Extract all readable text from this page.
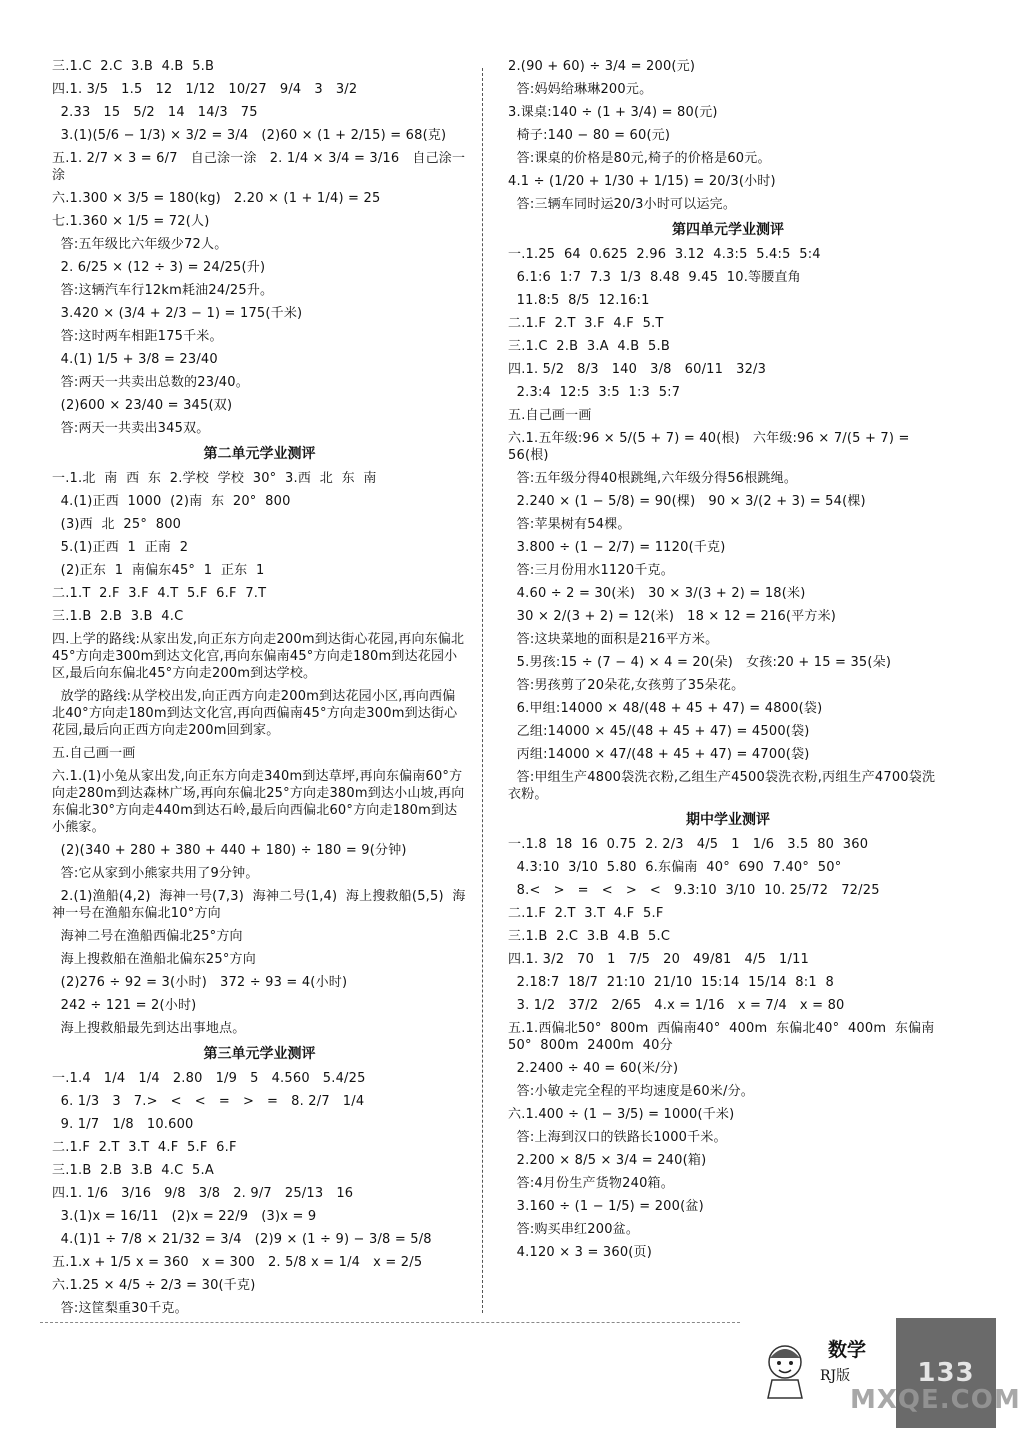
三.1.C  2.C  3.B  4.B  5.B
四.1. 3/5   1.5   12   1/12   10/27   9/4   3   3/2
2.33   15   5/2   14   14/3   75
3.(1)(5/6 − 1/3) × 3/2 = 3/4   (2)60 × (1 + 2/15) = 68(克)
五.1. 2/7 × 3 = 6/7   自己涂一涂   2. 1/4 × 3/4 = 3/16   自己涂一涂
六.1.300 × 3/5 = 180(kg)   2.20 × (1 + 1/4) = 25
七.1.360 × 1/5 = 72(人)
答:五年级比六年级少72人。
2. 6/25 × (12 ÷ 3) = 24/25(升)
答:这辆汽车行12km耗油24/25升。
3.420 × (3/4 + 2/3 − 1) = 175(千米)
答:这时两车相距175千米。
4.(1) 1/5 + 3/8 = 23/40
答:两天一共卖出总数的23/40。
(2)600 × 23/40 = 345(双)
答:两天一共卖出345双。
第二单元学业测评
一.1.北  南  西  东  2.学校  学校  30°  3.西  北  东  南
4.(1)正西  1000  (2)南  东  20°  800
(3)西  北  25°  800
5.(1)正西  1  正南  2
(2)正东  1  南偏东45°  1  正东  1
二.1.T  2.F  3.F  4.T  5.F  6.F  7.T
三.1.B  2.B  3.B  4.C
四.上学的路线:从家出发,向正东方向走200m到达街心花园,再向东偏北45°方向走300m到达文化宫,再向东偏南45°方向走180m到达花园小区,最后向东偏北45°方向走200m到达学校。
放学的路线:从学校出发,向正西方向走200m到达花园小区,再向西偏北40°方向走180m到达文化宫,再向西偏南45°方向走300m到达街心花园,最后向正西方向走200m回到家。
五.自己画一画
六.1.(1)小兔从家出发,向正东方向走340m到达草坪,再向东偏南60°方向走280m到达森林广场,再向东偏北25°方向走380m到达小山坡,再向东偏北30°方向走440m到达石岭,最后向西偏北60°方向走180m到达小熊家。
(2)(340 + 280 + 380 + 440 + 180) ÷ 180 = 9(分钟)
答:它从家到小熊家共用了9分钟。
2.(1)渔船(4,2)  海神一号(7,3)  海神二号(1,4)  海上搜救船(5,5)  海神一号在渔船东偏北10°方向
海神二号在渔船西偏北25°方向
海上搜救船在渔船北偏东25°方向
(2)276 ÷ 92 = 3(小时)   372 ÷ 93 = 4(小时)
242 ÷ 121 = 2(小时)
海上搜救船最先到达出事地点。
第三单元学业测评
一.1.4   1/4   1/4   2.80   1/9   5   4.560   5.4/25
6. 1/3   3   7.>   <   <   =   >   =   8. 2/7   1/4
9. 1/7   1/8   10.600
二.1.F  2.T  3.T  4.F  5.F  6.F
三.1.B  2.B  3.B  4.C  5.A
四.1. 1/6   3/16   9/8   3/8   2. 9/7   25/13   16
3.(1)x = 16/11   (2)x = 22/9   (3)x = 9
4.(1)1 ÷ 7/8 × 21/32 = 3/4   (2)9 × (1 ÷ 9) − 3/8 = 5/8
五.1.x + 1/5 x = 360   x = 300   2. 5/8 x = 1/4   x = 2/5
六.1.25 × 4/5 ÷ 2/3 = 30(千克)
答:这筐梨重30千克。
2.(90 + 60) ÷ 3/4 = 200(元)
答:妈妈给琳琳200元。
3.课桌:140 ÷ (1 + 3/4) = 80(元)
椅子:140 − 80 = 60(元)
答:课桌的价格是80元,椅子的价格是60元。
4.1 ÷ (1/20 + 1/30 + 1/15) = 20/3(小时)
答:三辆车同时运20/3小时可以运完。
第四单元学业测评
一.1.25  64  0.625  2.96  3.12  4.3:5  5.4:5  5:4
6.1:6  1:7  7.3  1/3  8.48  9.45  10.等腰直角
11.8:5  8/5  12.16:1
二.1.F  2.T  3.F  4.F  5.T
三.1.C  2.B  3.A  4.B  5.B
四.1. 5/2   8/3   140   3/8   60/11   32/3
2.3:4  12:5  3:5  1:3  5:7
五.自己画一画
六.1.五年级:96 × 5/(5 + 7) = 40(根)   六年级:96 × 7/(5 + 7) = 56(根)
答:五年级分得40根跳绳,六年级分得56根跳绳。
2.240 × (1 − 5/8) = 90(棵)   90 × 3/(2 + 3) = 54(棵)
答:苹果树有54棵。
3.800 ÷ (1 − 2/7) = 1120(千克)
答:三月份用水1120千克。
4.60 ÷ 2 = 30(米)   30 × 3/(3 + 2) = 18(米)
30 × 2/(3 + 2) = 12(米)   18 × 12 = 216(平方米)
答:这块菜地的面积是216平方米。
5.男孩:15 ÷ (7 − 4) × 4 = 20(朵)   女孩:20 + 15 = 35(朵)
答:男孩剪了20朵花,女孩剪了35朵花。
6.甲组:14000 × 48/(48 + 45 + 47) = 4800(袋)
乙组:14000 × 45/(48 + 45 + 47) = 4500(袋)
丙组:14000 × 47/(48 + 45 + 47) = 4700(袋)
答:甲组生产4800袋洗衣粉,乙组生产4500袋洗衣粉,丙组生产4700袋洗衣粉。
期中学业测评
一.1.8  18  16  0.75  2. 2/3   4/5   1   1/6   3.5  80  360
4.3:10  3/10  5.80  6.东偏南  40°  690  7.40°  50°
8.<   >   =   <   >   <   9.3:10  3/10  10. 25/72   72/25
二.1.F  2.T  3.T  4.F  5.F
三.1.B  2.C  3.B  4.B  5.C
四.1. 3/2   70   1   7/5   20   49/81   4/5   1/11
2.18:7  18/7  21:10  21/10  15:14  15/14  8:1  8
3. 1/2   37/2   2/65   4.x = 1/16   x = 7/4   x = 80
五.1.西偏北50°  800m  西偏南40°  400m  东偏北40°  400m  东偏南50°  800m  2400m  40分
2.2400 ÷ 40 = 60(米/分)
答:小敏走完全程的平均速度是60米/分。
六.1.400 ÷ (1 − 3/5) = 1000(千米)
答:上海到汉口的铁路长1000千米。
2.200 × 8/5 × 3/4 = 240(箱)
答:4月份生产货物240箱。
3.160 ÷ (1 − 1/5) = 200(盆)
答:购买串红200盆。
4.120 × 3 = 360(页)
数学
RJ版	133
MXQE.COM
